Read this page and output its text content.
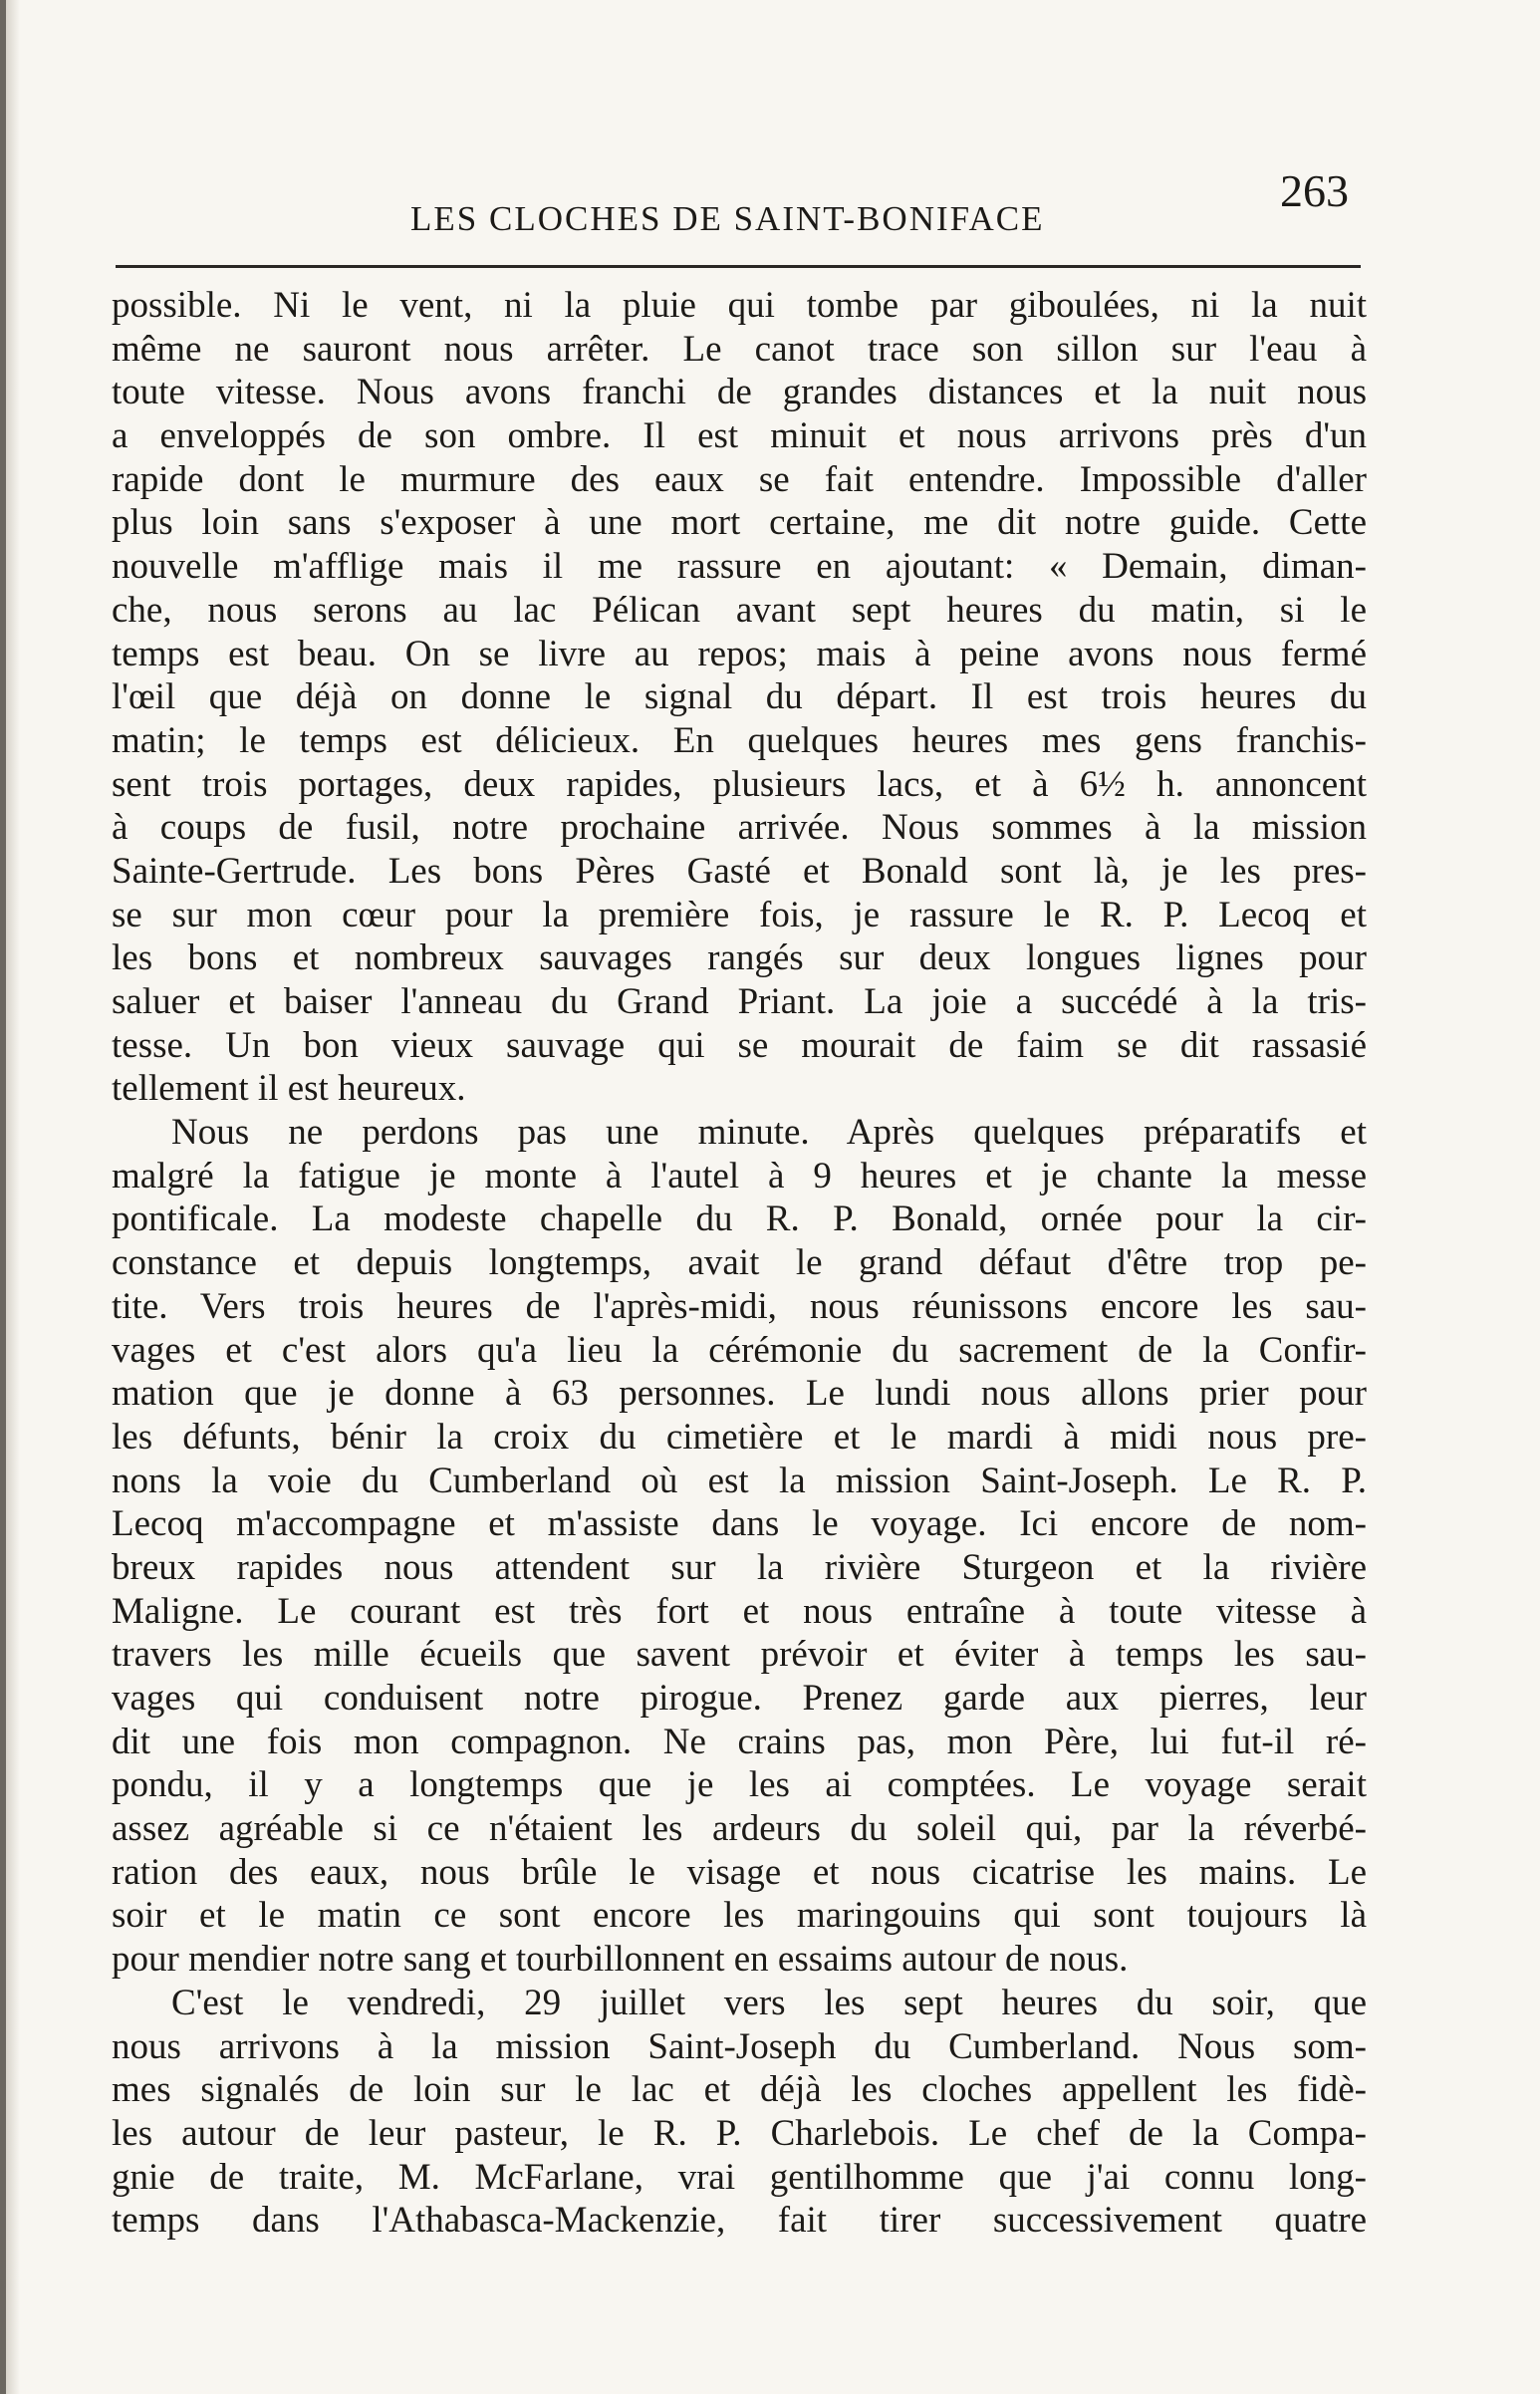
LES CLOCHES DE SAINT-BONIFACE
263
possible. Ni le vent, ni la pluie qui tombe par giboulées, ni la nuit
même ne sauront nous arrêter. Le canot trace son sillon sur l'eau à
toute vitesse. Nous avons franchi de grandes distances et la nuit nous
a enveloppés de son ombre. Il est minuit et nous arrivons près d'un
rapide dont le murmure des eaux se fait entendre. Impossible d'aller
plus loin sans s'exposer à une mort certaine, me dit notre guide. Cette
nouvelle m'afflige mais il me rassure en ajoutant: « Demain, diman-
che, nous serons au lac Pélican avant sept heures du matin, si le
temps est beau. On se livre au repos; mais à peine avons nous fermé
l'œil que déjà on donne le signal du départ. Il est trois heures du
matin; le temps est délicieux. En quelques heures mes gens franchis-
sent trois portages, deux rapides, plusieurs lacs, et à 6½ h. annoncent
à coups de fusil, notre prochaine arrivée. Nous sommes à la mission
Sainte-Gertrude. Les bons Pères Gasté et Bonald sont là, je les pres-
se sur mon cœur pour la première fois, je rassure le R. P. Lecoq et
les bons et nombreux sauvages rangés sur deux longues lignes pour
saluer et baiser l'anneau du Grand Priant. La joie a succédé à la tris-
tesse. Un bon vieux sauvage qui se mourait de faim se dit rassasié
tellement il est heureux.
Nous ne perdons pas une minute. Après quelques préparatifs et
malgré la fatigue je monte à l'autel à 9 heures et je chante la messe
pontificale. La modeste chapelle du R. P. Bonald, ornée pour la cir-
constance et depuis longtemps, avait le grand défaut d'être trop pe-
tite. Vers trois heures de l'après-midi, nous réunissons encore les sau-
vages et c'est alors qu'a lieu la cérémonie du sacrement de la Confir-
mation que je donne à 63 personnes. Le lundi nous allons prier pour
les défunts, bénir la croix du cimetière et le mardi à midi nous pre-
nons la voie du Cumberland où est la mission Saint-Joseph. Le R. P.
Lecoq m'accompagne et m'assiste dans le voyage. Ici encore de nom-
breux rapides nous attendent sur la rivière Sturgeon et la rivière
Maligne. Le courant est très fort et nous entraîne à toute vitesse à
travers les mille écueils que savent prévoir et éviter à temps les sau-
vages qui conduisent notre pirogue. Prenez garde aux pierres, leur
dit une fois mon compagnon. Ne crains pas, mon Père, lui fut-il ré-
pondu, il y a longtemps que je les ai comptées. Le voyage serait
assez agréable si ce n'étaient les ardeurs du soleil qui, par la réverbé-
ration des eaux, nous brûle le visage et nous cicatrise les mains. Le
soir et le matin ce sont encore les maringouins qui sont toujours là
pour mendier notre sang et tourbillonnent en essaims autour de nous.
C'est le vendredi, 29 juillet vers les sept heures du soir, que
nous arrivons à la mission Saint-Joseph du Cumberland. Nous som-
mes signalés de loin sur le lac et déjà les cloches appellent les fidè-
les autour de leur pasteur, le R. P. Charlebois. Le chef de la Compa-
gnie de traite, M. McFarlane, vrai gentilhomme que j'ai connu long-
temps dans l'Athabasca-Mackenzie, fait tirer successivement quatre
